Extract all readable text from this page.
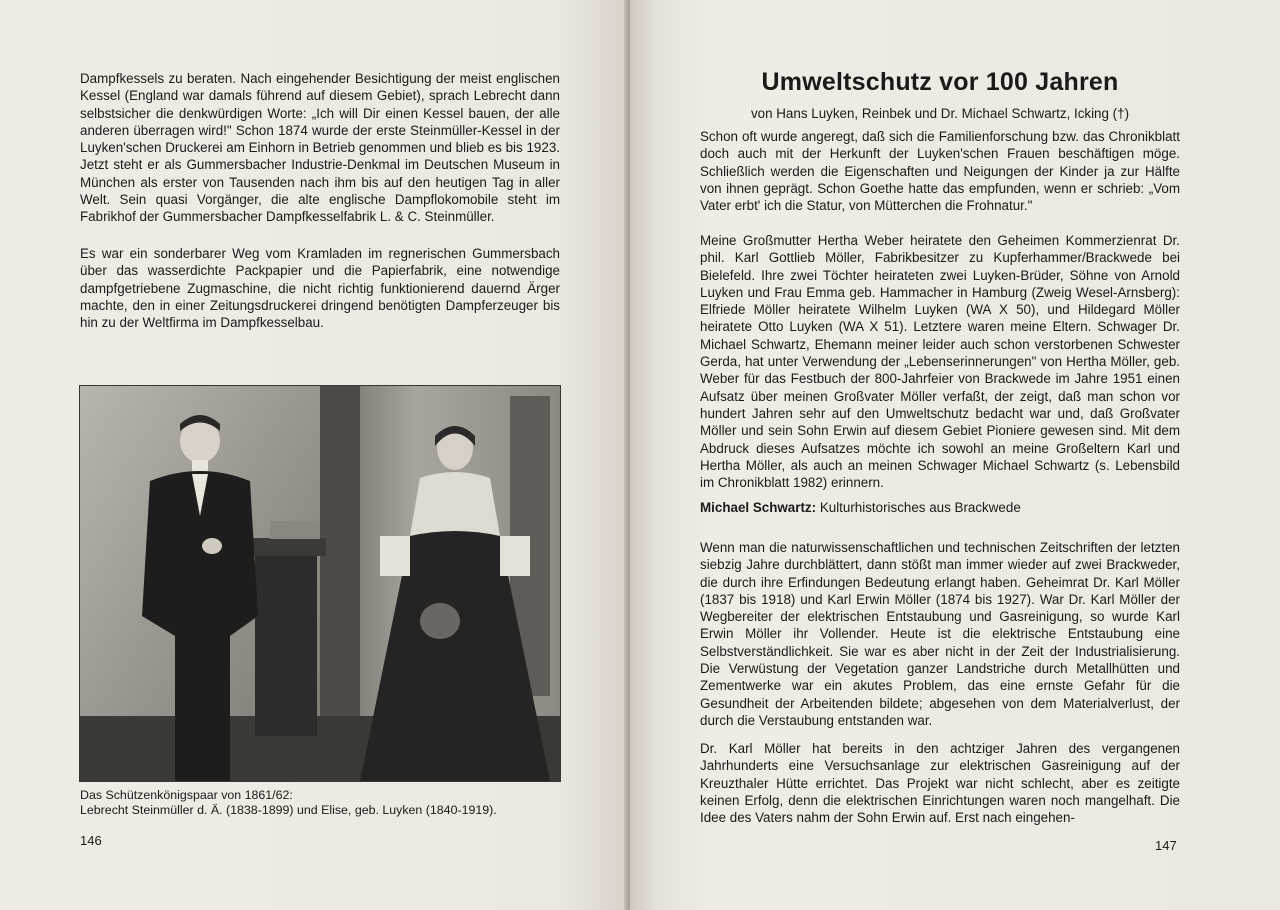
Dampfkessels zu beraten. Nach eingehender Besichtigung der meist englischen Kessel (England war damals führend auf diesem Gebiet), sprach Lebrecht dann selbstsicher die denkwürdigen Worte: „Ich will Dir einen Kessel bauen, der alle anderen überragen wird!" Schon 1874 wurde der erste Steinmüller-Kessel in der Luyken'schen Druckerei am Einhorn in Betrieb genommen und blieb es bis 1923. Jetzt steht er als Gummersbacher Industrie-Denkmal im Deutschen Museum in München als erster von Tausenden nach ihm bis auf den heutigen Tag in aller Welt. Sein quasi Vorgänger, die alte englische Dampflokomobile steht im Fabrikhof der Gummersbacher Dampfkesselfabrik L. & C. Steinmüller.

Es war ein sonderbarer Weg vom Kramladen im regnerischen Gummersbach über das wasserdichte Packpapier und die Papierfabrik, eine notwendige dampfgetriebene Zugmaschine, die nicht richtig funktionierend dauernd Ärger machte, den in einer Zeitungsdruckerei dringend benötigten Dampferzeuger bis hin zu der Weltfirma im Dampfkesselbau.

Das Schützenkönigspaar von 1861/62:
Lebrecht Steinmüller d. Ä. (1838-1899) und Elise, geb. Luyken (1840-1919).
146
Umweltschutz vor 100 Jahren
von Hans Luyken, Reinbek und Dr. Michael Schwartz, Icking (†)

Schon oft wurde angeregt, daß sich die Familienforschung bzw. das Chronikblatt doch auch mit der Herkunft der Luyken'schen Frauen beschäftigen möge. Schließlich werden die Eigenschaften und Neigungen der Kinder ja zur Hälfte von ihnen geprägt. Schon Goethe hatte das empfunden, wenn er schrieb: „Vom Vater erbt' ich die Statur, von Mütterchen die Frohnatur."

Meine Großmutter Hertha Weber heiratete den Geheimen Kommerzienrat Dr. phil. Karl Gottlieb Möller, Fabrikbesitzer zu Kupferhammer/Brackwede bei Bielefeld. Ihre zwei Töchter heirateten zwei Luyken-Brüder, Söhne von Arnold Luyken und Frau Emma geb. Hammacher in Hamburg (Zweig Wesel-Arnsberg): Elfriede Möller heiratete Wilhelm Luyken (WA X 50), und Hildegard Möller heiratete Otto Luyken (WA X 51). Letztere waren meine Eltern. Schwager Dr. Michael Schwartz, Ehemann meiner leider auch schon verstorbenen Schwester Gerda, hat unter Verwendung der „Lebenserinnerungen" von Hertha Möller, geb. Weber für das Festbuch der 800-Jahrfeier von Brackwede im Jahre 1951 einen Aufsatz über meinen Großvater Möller verfaßt, der zeigt, daß man schon vor hundert Jahren sehr auf den Umweltschutz bedacht war und, daß Großvater Möller und sein Sohn Erwin auf diesem Gebiet Pioniere gewesen sind. Mit dem Abdruck dieses Aufsatzes möchte ich sowohl an meine Großeltern Karl und Hertha Möller, als auch an meinen Schwager Michael Schwartz (s. Lebensbild im Chronikblatt 1982) erinnern.

Michael Schwartz: Kulturhistorisches aus Brackwede

Wenn man die naturwissenschaftlichen und technischen Zeitschriften der letzten siebzig Jahre durchblättert, dann stößt man immer wieder auf zwei Brackweder, die durch ihre Erfindungen Bedeutung erlangt haben. Geheimrat Dr. Karl Möller (1837 bis 1918) und Karl Erwin Möller (1874 bis 1927). War Dr. Karl Möller der Wegbereiter der elektrischen Entstaubung und Gasreinigung, so wurde Karl Erwin Möller ihr Vollender. Heute ist die elektrische Entstaubung eine Selbstverständlichkeit. Sie war es aber nicht in der Zeit der Industrialisierung. Die Verwüstung der Vegetation ganzer Landstriche durch Metallhütten und Zementwerke war ein akutes Problem, das eine ernste Gefahr für die Gesundheit der Arbeitenden bildete; abgesehen von dem Materialverlust, der durch die Verstaubung entstanden war.

Dr. Karl Möller hat bereits in den achtziger Jahren des vergangenen Jahrhunderts eine Versuchsanlage zur elektrischen Gasreinigung auf der Kreuzthaler Hütte errichtet. Das Projekt war nicht schlecht, aber es zeitigte keinen Erfolg, denn die elektrischen Einrichtungen waren noch mangelhaft. Die Idee des Vaters nahm der Sohn Erwin auf. Erst nach eingehen-

147
